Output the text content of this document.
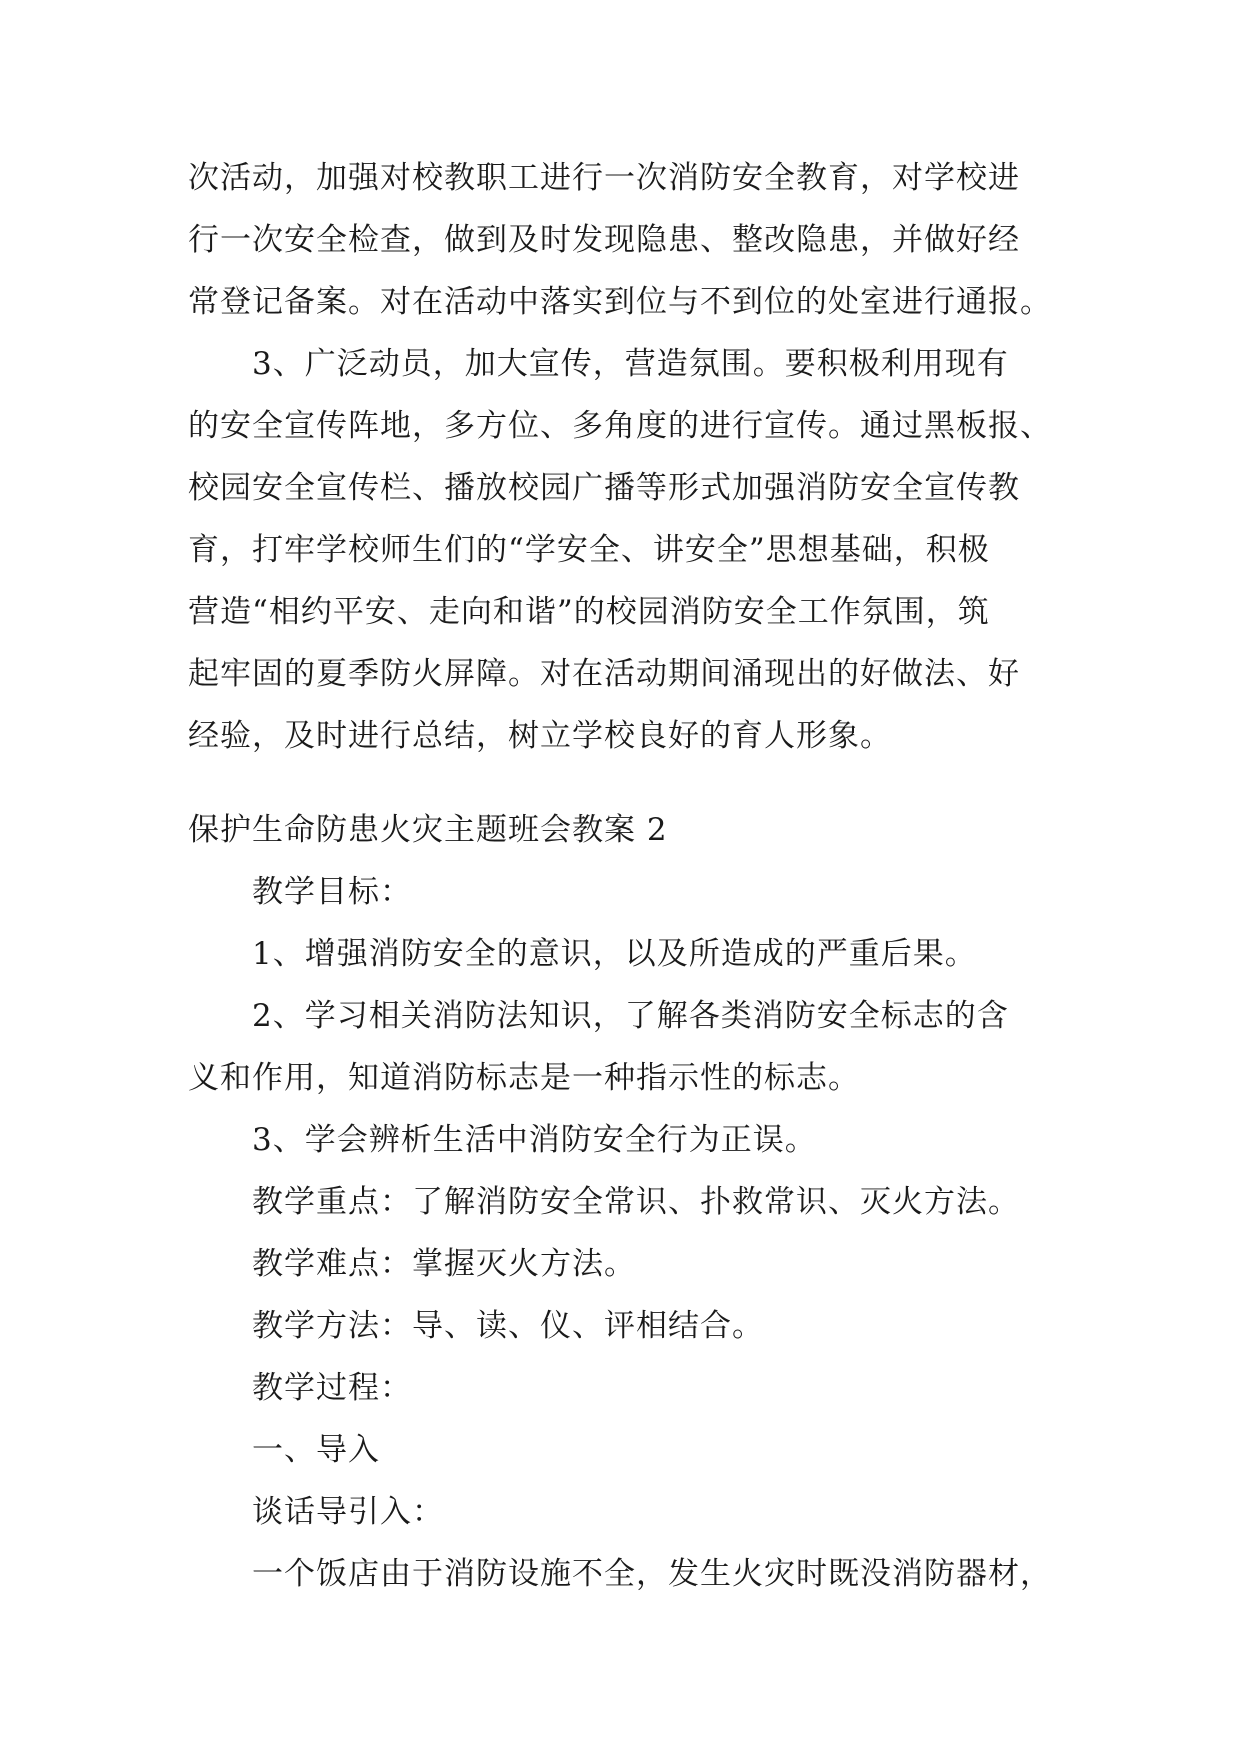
次活动，加强对校教职工进行一次消防安全教育，对学校进
行一次安全检查，做到及时发现隐患、整改隐患，并做好经
常登记备案。对在活动中落实到位与不到位的处室进行通报。
3、广泛动员，加大宣传，营造氛围。要积极利用现有
的安全宣传阵地，多方位、多角度的进行宣传。通过黑板报、
校园安全宣传栏、播放校园广播等形式加强消防安全宣传教
育，打牢学校师生们的“学安全、讲安全”思想基础，积极
营造“相约平安、走向和谐”的校园消防安全工作氛围，筑
起牢固的夏季防火屏障。对在活动期间涌现出的好做法、好
经验，及时进行总结，树立学校良好的育人形象。
保护生命防患火灾主题班会教案 2
教学目标：
1、增强消防安全的意识，以及所造成的严重后果。
2、学习相关消防法知识，了解各类消防安全标志的含
义和作用，知道消防标志是一种指示性的标志。
3、学会辨析生活中消防安全行为正误。
教学重点：了解消防安全常识、扑救常识、灭火方法。
教学难点：掌握灭火方法。
教学方法：导、读、仪、评相结合。
教学过程：
一、导入
谈话导引入：
一个饭店由于消防设施不全，发生火灾时既没消防器材，
